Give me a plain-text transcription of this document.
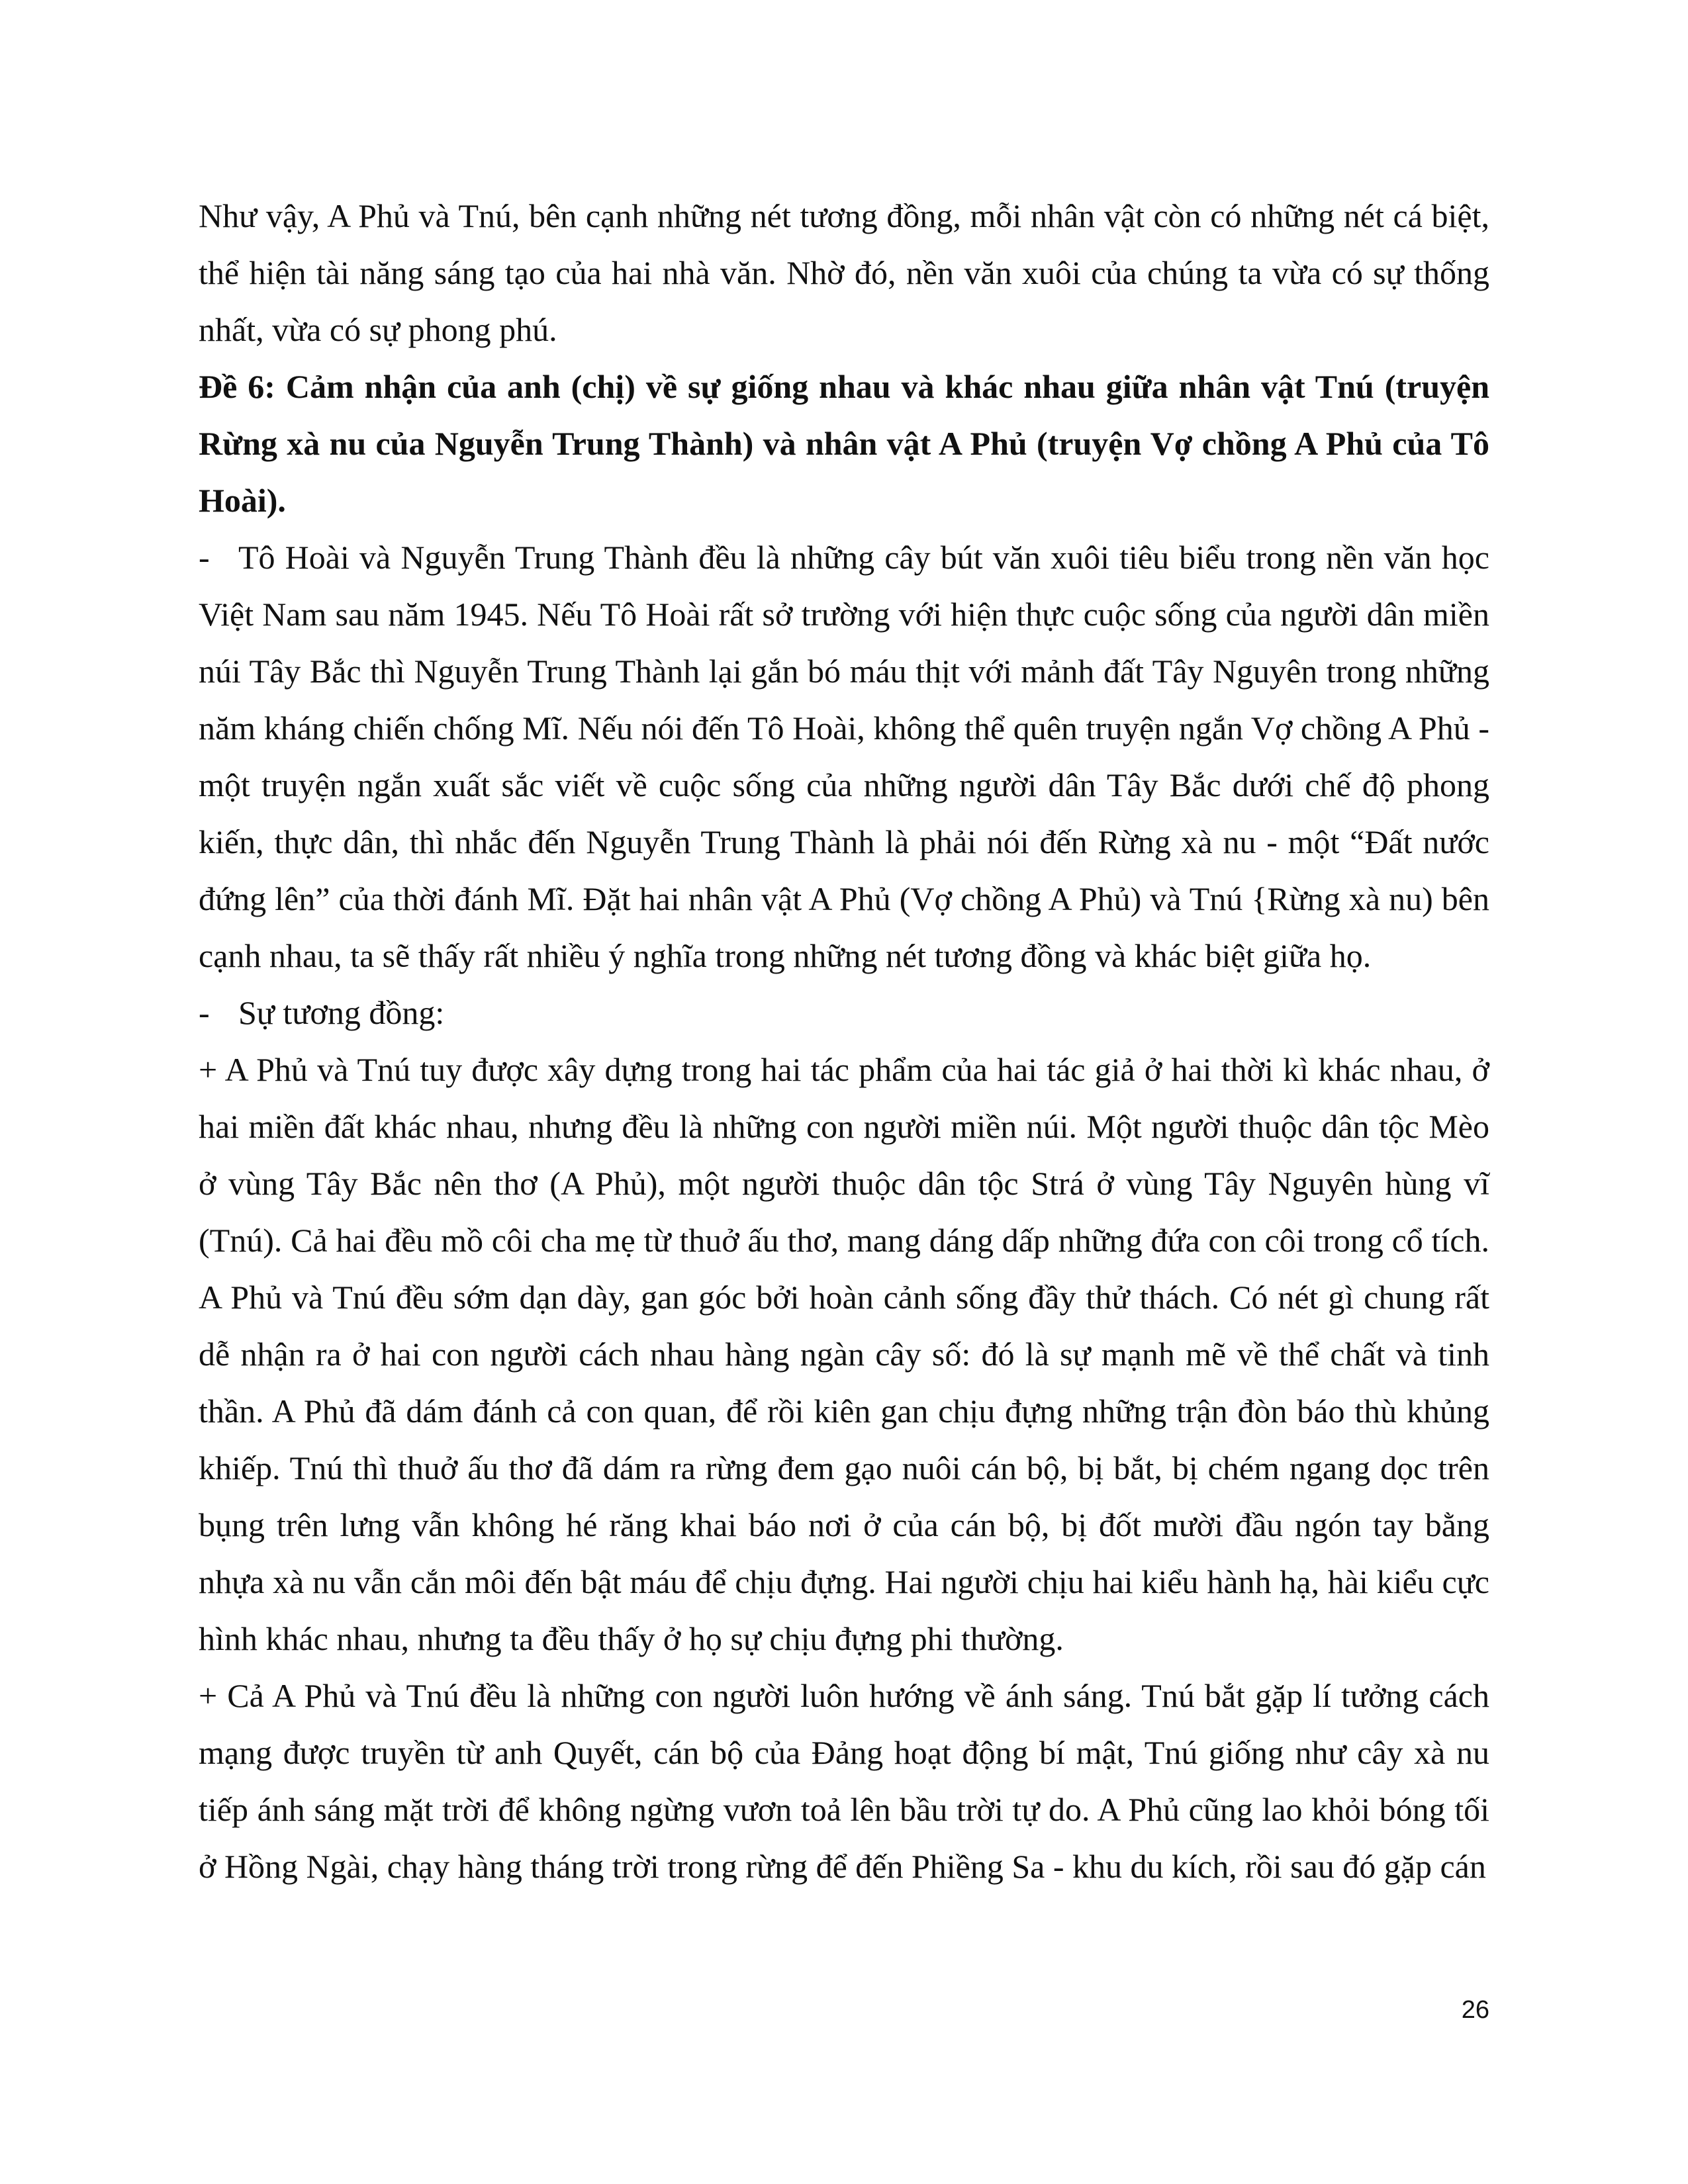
Như vậy, A Phủ và Tnú, bên cạnh những nét tương đồng, mỗi nhân vật còn có những nét cá biệt, thể hiện tài năng sáng tạo của hai nhà văn. Nhờ đó, nền văn xuôi của chúng ta vừa có sự thống nhất, vừa có sự phong phú.

Đề 6: Cảm nhận của anh (chị) về sự giống nhau và khác nhau giữa nhân vật Tnú (truyện Rừng xà nu của Nguyễn Trung Thành) và nhân vật A Phủ (truyện Vợ chồng A Phủ của Tô Hoài).

- Tô Hoài và Nguyễn Trung Thành đều là những cây bút văn xuôi tiêu biểu trong nền văn học Việt Nam sau năm 1945. Nếu Tô Hoài rất sở trường với hiện thực cuộc sống của người dân miền núi Tây Bắc thì Nguyễn Trung Thành lại gắn bó máu thịt với mảnh đất Tây Nguyên trong những năm kháng chiến chống Mĩ. Nếu nói đến Tô Hoài, không thể quên truyện ngắn Vợ chồng A Phủ - một truyện ngắn xuất sắc viết về cuộc sống của những người dân Tây Bắc dưới chế độ phong kiến, thực dân, thì nhắc đến Nguyễn Trung Thành là phải nói đến Rừng xà nu - một “Đất nước đứng lên” của thời đánh Mĩ. Đặt hai nhân vật A Phủ (Vợ chồng A Phủ) và Tnú {Rừng xà nu) bên cạnh nhau, ta sẽ thấy rất nhiều ý nghĩa trong những nét tương đồng và khác biệt giữa họ.

- Sự tương đồng:

+ A Phủ và Tnú tuy được xây dựng trong hai tác phẩm của hai tác giả ở hai thời kì khác nhau, ở hai miền đất khác nhau, nhưng đều là những con người miền núi. Một người thuộc dân tộc Mèo ở vùng Tây Bắc nên thơ (A Phủ), một người thuộc dân tộc Strá ở vùng Tây Nguyên hùng vĩ (Tnú). Cả hai đều mồ côi cha mẹ từ thuở ấu thơ, mang dáng dấp những đứa con côi trong cổ tích. A Phủ và Tnú đều sớm dạn dày, gan góc bởi hoàn cảnh sống đầy thử thách. Có nét gì chung rất dễ nhận ra ở hai con người cách nhau hàng ngàn cây số: đó là sự mạnh mẽ về thể chất và tinh thần. A Phủ đã dám đánh cả con quan, để rồi kiên gan chịu đựng những trận đòn báo thù khủng khiếp. Tnú thì thuở ấu thơ đã dám ra rừng đem gạo nuôi cán bộ, bị bắt, bị chém ngang dọc trên bụng trên lưng vẫn không hé răng khai báo nơi ở của cán bộ, bị đốt mười đầu ngón tay bằng nhựa xà nu vẫn cắn môi đến bật máu để chịu đựng. Hai người chịu hai kiểu hành hạ, hài kiểu cực hình khác nhau, nhưng ta đều thấy ở họ sự chịu đựng phi thường.

+ Cả A Phủ và Tnú đều là những con người luôn hướng về ánh sáng. Tnú bắt gặp lí tưởng cách mạng được truyền từ anh Quyết, cán bộ của Đảng hoạt động bí mật, Tnú giống như cây xà nu tiếp ánh sáng mặt trời để không ngừng vươn toả lên bầu trời tự do. A Phủ cũng lao khỏi bóng tối ở Hồng Ngài, chạy hàng tháng trời trong rừng để đến Phiềng Sa - khu du kích, rồi sau đó gặp cán

26
